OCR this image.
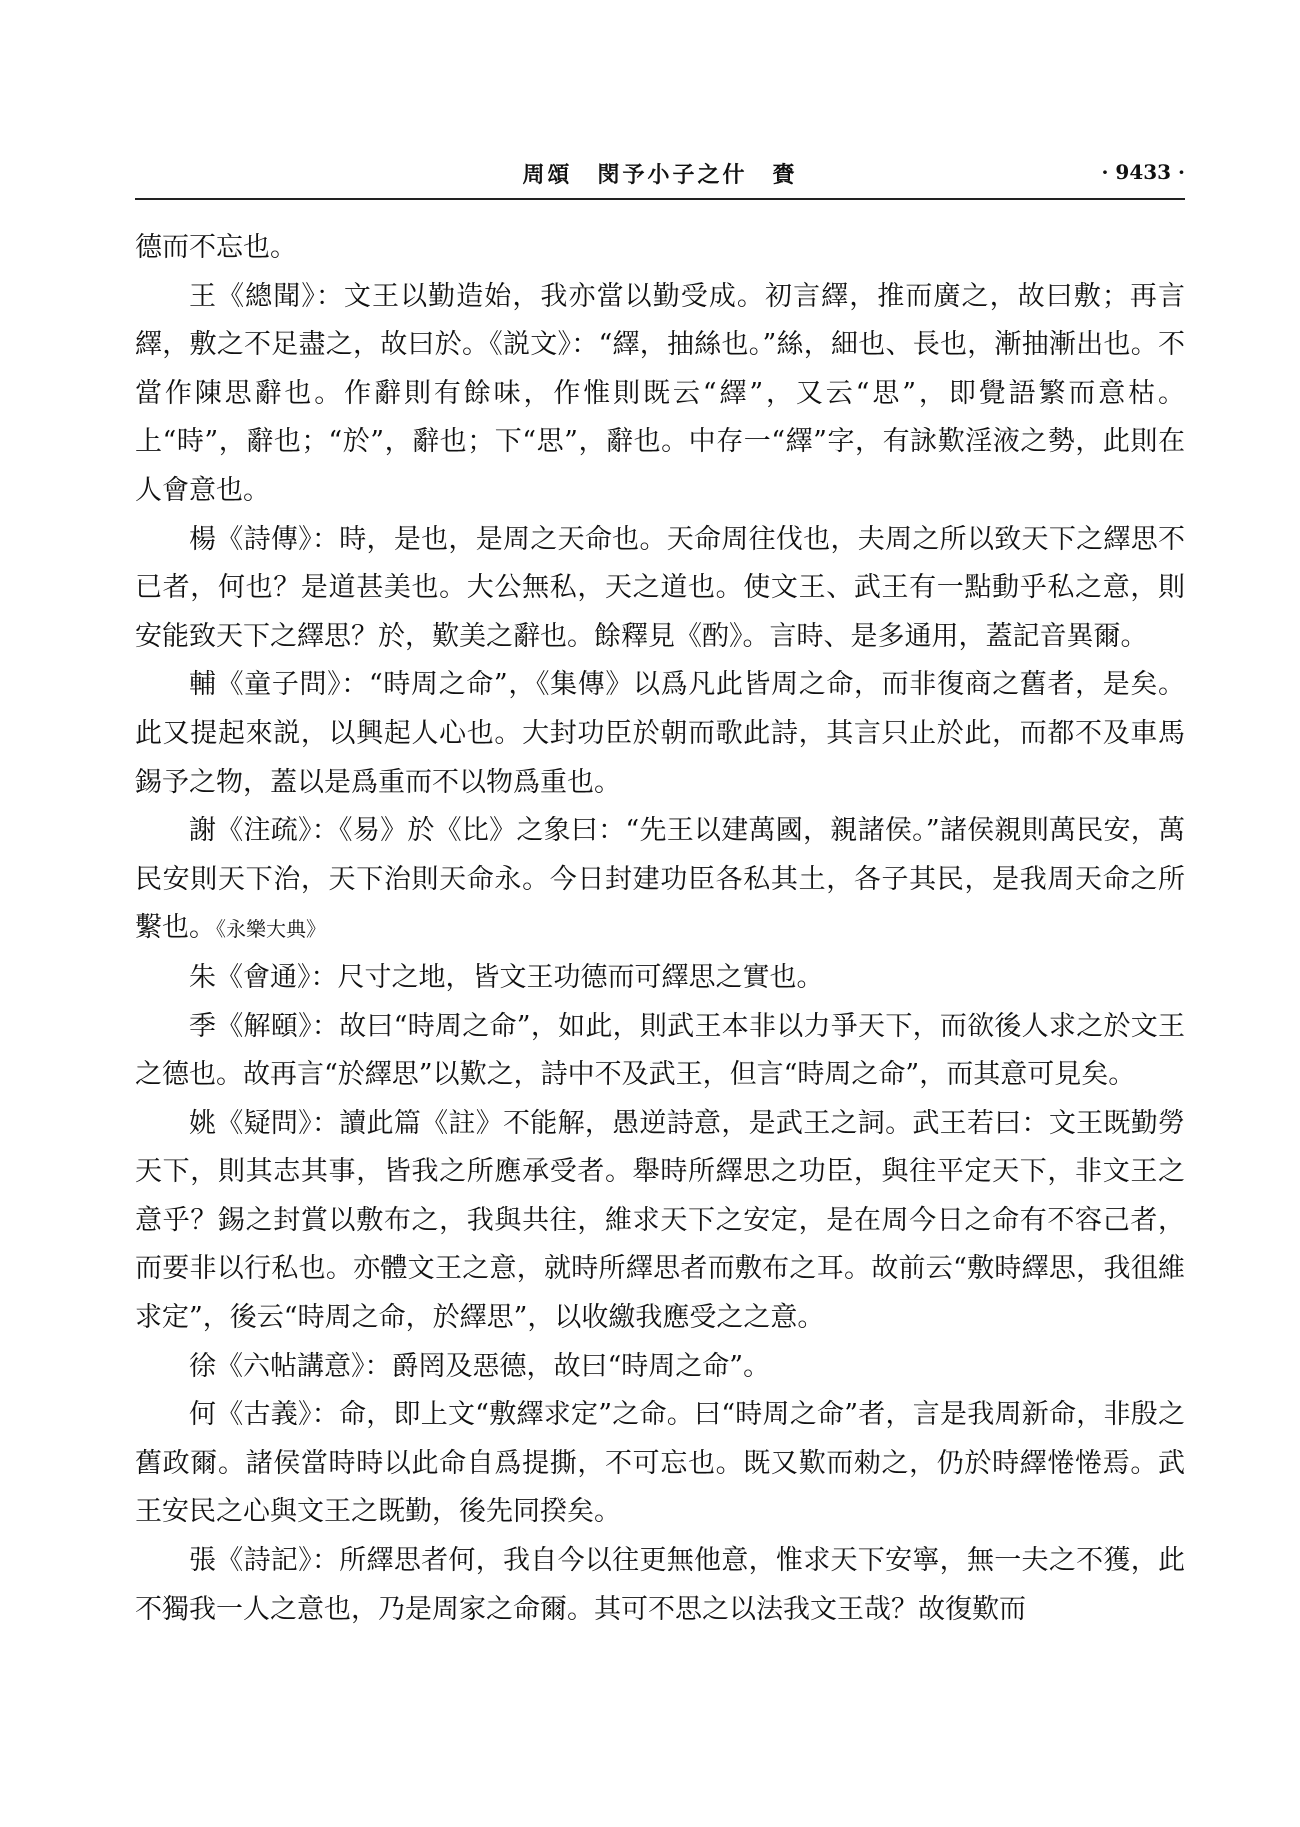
周頌　閔予小子之什　賚	· 9433 ·

德而不忘也。

王《總聞》：文王以勤造始，我亦當以勤受成。初言繹，推而廣之，故曰敷；再言繹，敷之不足盡之，故曰於。《説文》：“繹，抽絲也。”絲，細也、長也，漸抽漸出也。不當作陳思辭也。作辭則有餘味，作惟則既云“繹”，又云“思”，即覺語繁而意枯。上“時”，辭也；“於”，辭也；下“思”，辭也。中存一“繹”字，有詠歎淫液之勢，此則在人會意也。

楊《詩傳》：時，是也，是周之天命也。天命周往伐也，夫周之所以致天下之繹思不已者，何也？是道甚美也。大公無私，天之道也。使文王、武王有一點動乎私之意，則安能致天下之繹思？於，歎美之辭也。餘釋見《酌》。言時、是多通用，蓋記音異爾。

輔《童子問》：“時周之命”，《集傳》以爲凡此皆周之命，而非復商之舊者，是矣。此又提起來説，以興起人心也。大封功臣於朝而歌此詩，其言只止於此，而都不及車馬錫予之物，蓋以是爲重而不以物爲重也。

謝《注疏》：《易》於《比》之象曰：“先王以建萬國，親諸侯。”諸侯親則萬民安，萬民安則天下治，天下治則天命永。今日封建功臣各私其土，各子其民，是我周天命之所繫也。《永樂大典》

朱《會通》：尺寸之地，皆文王功德而可繹思之實也。

季《解頤》：故曰“時周之命”，如此，則武王本非以力爭天下，而欲後人求之於文王之德也。故再言“於繹思”以歎之，詩中不及武王，但言“時周之命”，而其意可見矣。

姚《疑問》：讀此篇《註》不能解，愚逆詩意，是武王之詞。武王若曰：文王既勤勞天下，則其志其事，皆我之所應承受者。舉時所繹思之功臣，與往平定天下，非文王之意乎？錫之封賞以敷布之，我與共往，維求天下之安定，是在周今日之命有不容己者，而要非以行私也。亦體文王之意，就時所繹思者而敷布之耳。故前云“敷時繹思，我徂維求定”，後云“時周之命，於繹思”，以收繳我應受之之意。

徐《六帖講意》：爵罔及惡德，故曰“時周之命”。

何《古義》：命，即上文“敷繹求定”之命。曰“時周之命”者，言是我周新命，非殷之舊政爾。諸侯當時時以此命自爲提撕，不可忘也。既又歎而勑之，仍於時繹惓惓焉。武王安民之心與文王之既勤，後先同揆矣。

張《詩記》：所繹思者何，我自今以往更無他意，惟求天下安寧，無一夫之不獲，此不獨我一人之意也，乃是周家之命爾。其可不思之以法我文王哉？故復歎而
